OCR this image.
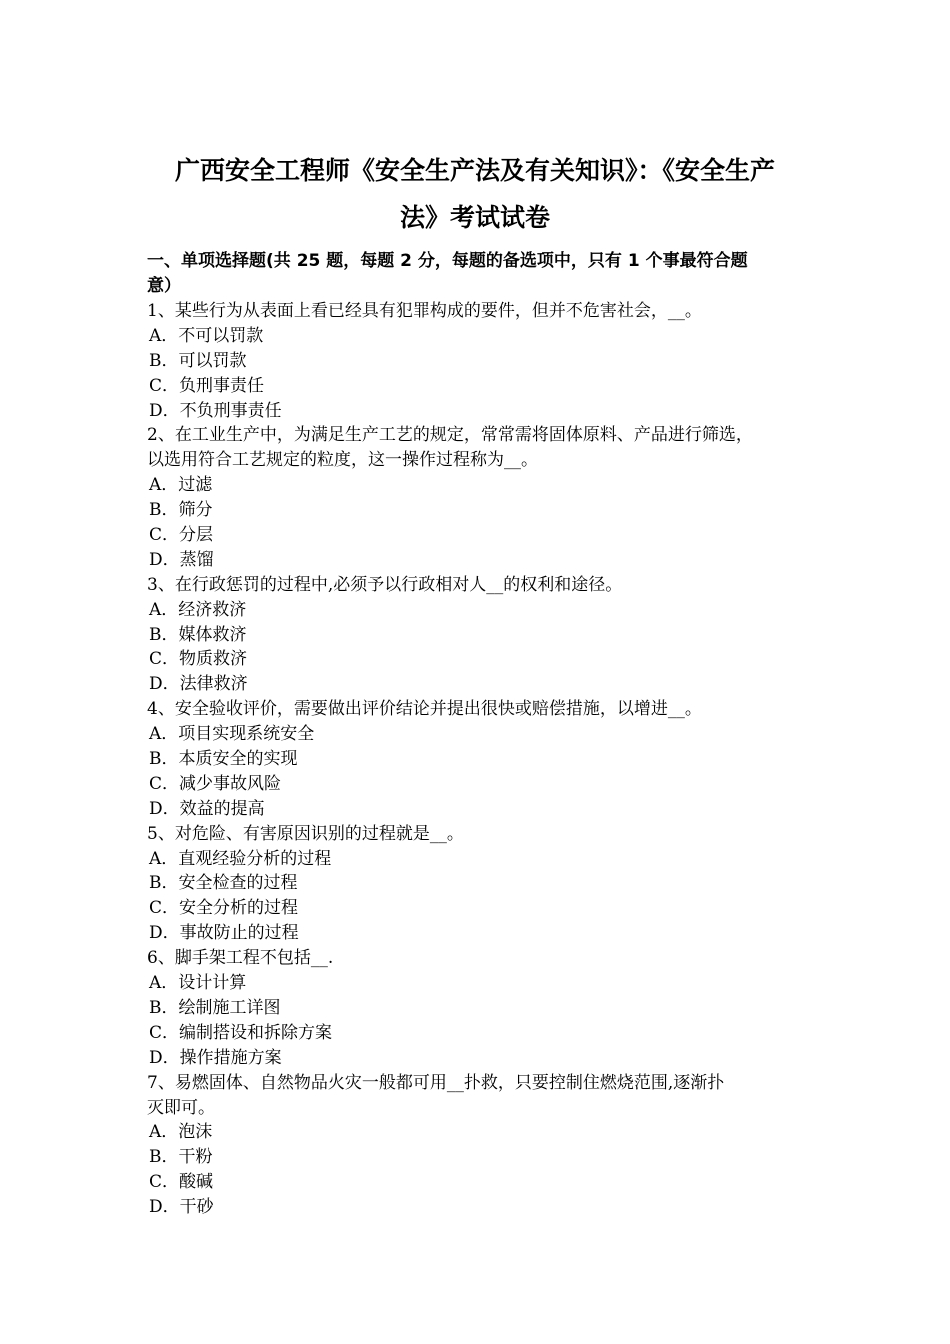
广西安全工程师《安全生产法及有关知识》：《安全生产
法》考试试卷
一、单项选择题(共 25 题，每题 2 分，每题的备选项中，只有 1 个事最符合题
意）
1、某些行为从表面上看已经具有犯罪构成的要件，但并不危害社会，__。
A．不可以罚款
B．可以罚款
C．负刑事责任
D．不负刑事责任
2、在工业生产中，为满足生产工艺的规定，常常需将固体原料、产品进行筛选，
以选用符合工艺规定的粒度，这一操作过程称为__。
A．过滤
B．筛分
C．分层
D．蒸馏
3、在行政惩罚的过程中,必须予以行政相对人__的权利和途径。
A．经济救济
B．媒体救济
C．物质救济
D．法律救济
4、安全验收评价，需要做出评价结论并提出很快或赔偿措施，以增进__。
A．项目实现系统安全
B．本质安全的实现
C．减少事故风险
D．效益的提高
5、对危险、有害原因识别的过程就是__。
A．直观经验分析的过程
B．安全检查的过程
C．安全分析的过程
D．事故防止的过程
6、脚手架工程不包括__.
A．设计计算
B．绘制施工详图
C．编制搭设和拆除方案
D．操作措施方案
7、易燃固体、自然物品火灾一般都可用__扑救，只要控制住燃烧范围,逐渐扑
灭即可。
A．泡沫
B．干粉
C．酸碱
D．干砂
